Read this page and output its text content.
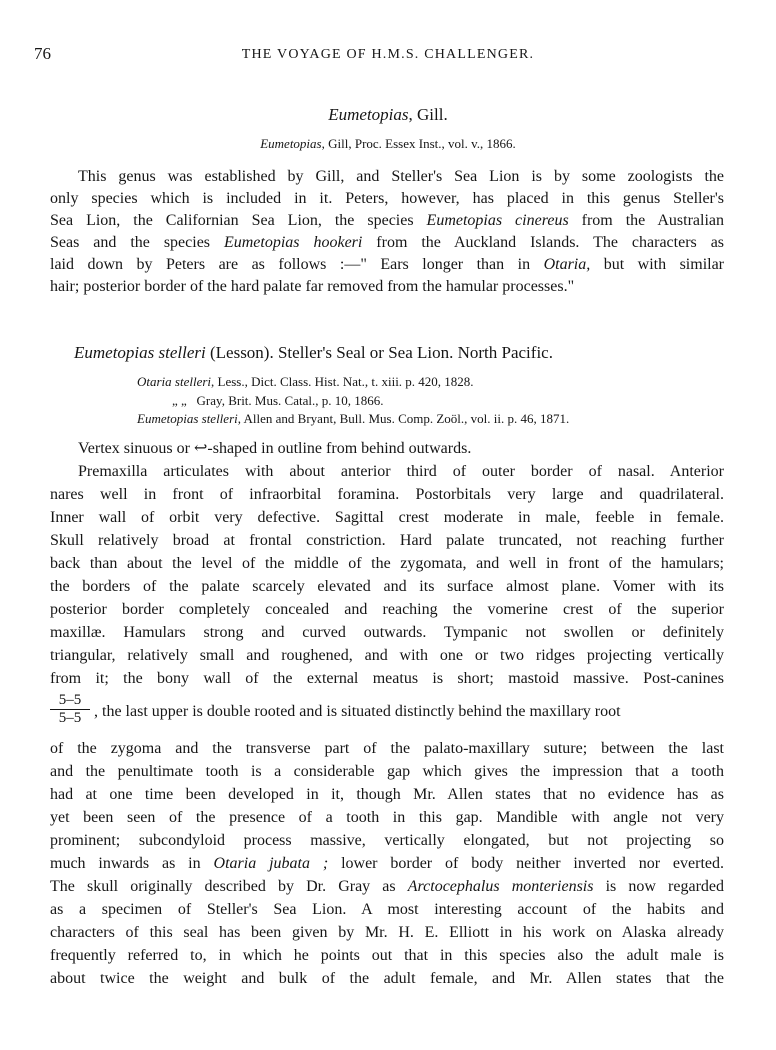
76	THE VOYAGE OF H.M.S. CHALLENGER.
Eumetopias, Gill.
Eumetopias, Gill, Proc. Essex Inst., vol. v., 1866.
This genus was established by Gill, and Steller's Sea Lion is by some zoologists the
only species which is included in it. Peters, however, has placed in this genus Steller's
Sea Lion, the Californian Sea Lion, the species Eumetopias cinereus from the Australian
Seas and the species Eumetopias hookeri from the Auckland Islands. The characters as
laid down by Peters are as follows :—" Ears longer than in Otaria, but with similar
hair; posterior border of the hard palate far removed from the hamular processes."
Eumetopias stelleri (Lesson). Steller's Seal or Sea Lion. North Pacific.
Otaria stelleri, Less., Dict. Class. Hist. Nat., t. xiii. p. 420, 1828.
„ „ Gray, Brit. Mus. Catal., p. 10, 1866.
Eumetopias stelleri, Allen and Bryant, Bull. Mus. Comp. Zoöl., vol. ii. p. 46, 1871.
Vertex sinuous or ↩-shaped in outline from behind outwards.
Premaxilla articulates with about anterior third of outer border of nasal. Anterior
nares well in front of infraorbital foramina. Postorbitals very large and quadrilateral.
Inner wall of orbit very defective. Sagittal crest moderate in male, feeble in female.
Skull relatively broad at frontal constriction. Hard palate truncated, not reaching further
back than about the level of the middle of the zygomata, and well in front of the hamulars;
the borders of the palate scarcely elevated and its surface almost plane. Vomer with its
posterior border completely concealed and reaching the vomerine crest of the superior
maxillæ. Hamulars strong and curved outwards. Tympanic not swollen or definitely
triangular, relatively small and roughened, and with one or two ridges projecting vertically
from it; the bony wall of the external meatus is short; mastoid massive. Post-canines
$\frac{5-5}{5-5}$ , the last upper is double rooted and is situated distinctly behind the maxillary root
of the zygoma and the transverse part of the palato-maxillary suture; between the last
and the penultimate tooth is a considerable gap which gives the impression that a tooth
had at one time been developed in it, though Mr. Allen states that no evidence has as
yet been seen of the presence of a tooth in this gap. Mandible with angle not very
prominent; subcondyloid process massive, vertically elongated, but not projecting so
much inwards as in Otaria jubata ; lower border of body neither inverted nor everted.
The skull originally described by Dr. Gray as Arctocephalus monteriensis is now regarded
as a specimen of Steller's Sea Lion. A most interesting account of the habits and
characters of this seal has been given by Mr. H. E. Elliott in his work on Alaska already
frequently referred to, in which he points out that in this species also the adult male is
about twice the weight and bulk of the adult female, and Mr. Allen states that the
